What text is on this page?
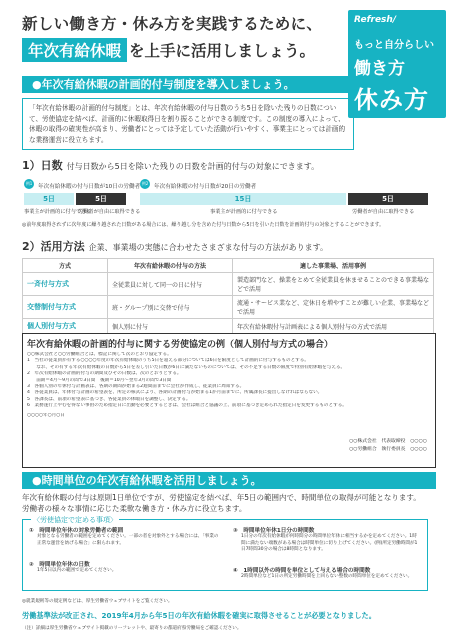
新しい働き方・休み方を実践するために、
年次有給休暇 を上手に活用しましょう。
Refresh/
もっと自分らしい
働き方
休み方
●年次有給休暇の計画的付与制度を導入しましょう。
「年次有給休暇の計画的付与制度」とは、年次有給休暇の付与日数のうち5日を除いた残りの日数について、労使協定を結べば、計画的に休暇取得日を割り振ることができる制度です。この制度の導入によって、休暇の取得の確実性が高まり、労働者にとっては予定していた活動が行いやすく、事業主にとっては計画的な業務運営に役立ちます。
1）日数 付与日数から5日を除いた残りの日数を計画的付与の対象にできます。
例1
年次有給休暇の付与日数が10日の労働者
5日	5日
事業主が計画的に付与できる
労働者が自由に取得できる
例2
年次有給休暇の付与日数が20日の労働者
15日	5日
事業主が計画的に付与できる	労働者が自由に取得できる
◎前年度取得されずに次年度に繰り越された日数がある場合には、繰り越し分を含めた付与日数から5日を引いた日数を計画的付与の対象とすることができます。
2）活用方法 企業、事業場の実態に合わせたさまざまな付与の方法があります。
方式	年次有給休暇の付与の方法	適した事業場、活用事例
一斉付与方式	全従業員に対して同一の日に付与	製造部門など、操業をとめて全従業員を休ませることのできる事業場などで活用
交替制付与方式	班・グループ別に交替で付与	流通・サービス業など、定休日を増やすことが難しい企業、事業場などで活用
個人別付与方式	個人別に付与	年次有給休暇付与計画表による個人別付与の方式で活用
年次有給休暇の計画的付与に関する労使協定の例（個人別付与方式の場合）
○○株式会社と○○労働組合とは、標記に関して次のとおり協定する。
1　当社の従業員が有する○○○○年度の年次有給休暇のうち5日を超える部分については6日を限度として計画的に付与するものとする。
　　なお、その有する年次有給休暇の日数から5日を差し引いた日数が6日に満たないものについては、その不足する日数の限度で特別有給休暇を与える。
2　年次有給休暇の計画的付与の期間及びその日数は、次のとおりとする。
　　前期＝4月～9月の間で3日間　後期＝10月～翌年3月の間で3日間
3　各個人別の年休付与計画表は、各期の期間が始まる2週間前までに会社が作成し、従業員に周知する。
4　各従業員は、年休付与計画の希望表を、所定の様式により、各期の計画付与が始まる1か月前までに、所属課長に提出しなければならない。
5　各課長は、前項の希望表に基づき、各従業員の休暇日を調整し、決定する。
6　業務遂行上やむを得ない事由のため指定日に出勤を必要とするときは、会社は組合と協議の上、前項に基づき定められた指定日を変更するものとする。
○○○○年○月○日
○○株式会社　代表取締役　○○○○
○○労働組合　執行委員長　○○○○
●時間単位の年次有給休暇を活用しましょう。
年次有給休暇の付与は原則1日単位ですが、労使協定を結べば、年5日の範囲内で、時間単位の取得が可能となります。労働者の様々な事情に応じた柔軟な働き方・休み方に役立ちます。
〈労使協定で定める事項〉
①　時間単位年休の対象労働者の範囲
対象となる労働者の範囲を定めてください。一部の者を対象外とする場合には、「事業の正常な運営を妨げる場合」に限られます。
②　時間単位年休の日数
1年5日以内の範囲で定めてください。
③　時間単位年休1日分の時間数
1日分の年次有給休暇が何時間分の時間単位年休に相当するかを定めてください。1時間に満たない端数がある場合は時間単位に切り上げてください。(例)所定労働時間が1日7時間30分の場合は8時間となります。
④　1時間以外の時間を単位として与える場合の時間数
2時間単位など1日の所定労働時間を上回らない整数の時間単位を定めてください。
◎就業規則等の規定例などは、厚生労働省ウェブサイトをご覧ください。
労働基準法が改正され、2019年4月から年5日の年次有給休暇を確実に取得させることが必要となりました。
（注）詳細は厚生労働省ウェブサイト掲載のリーフレットや、最寄りの都道府県労働局をご確認ください。
